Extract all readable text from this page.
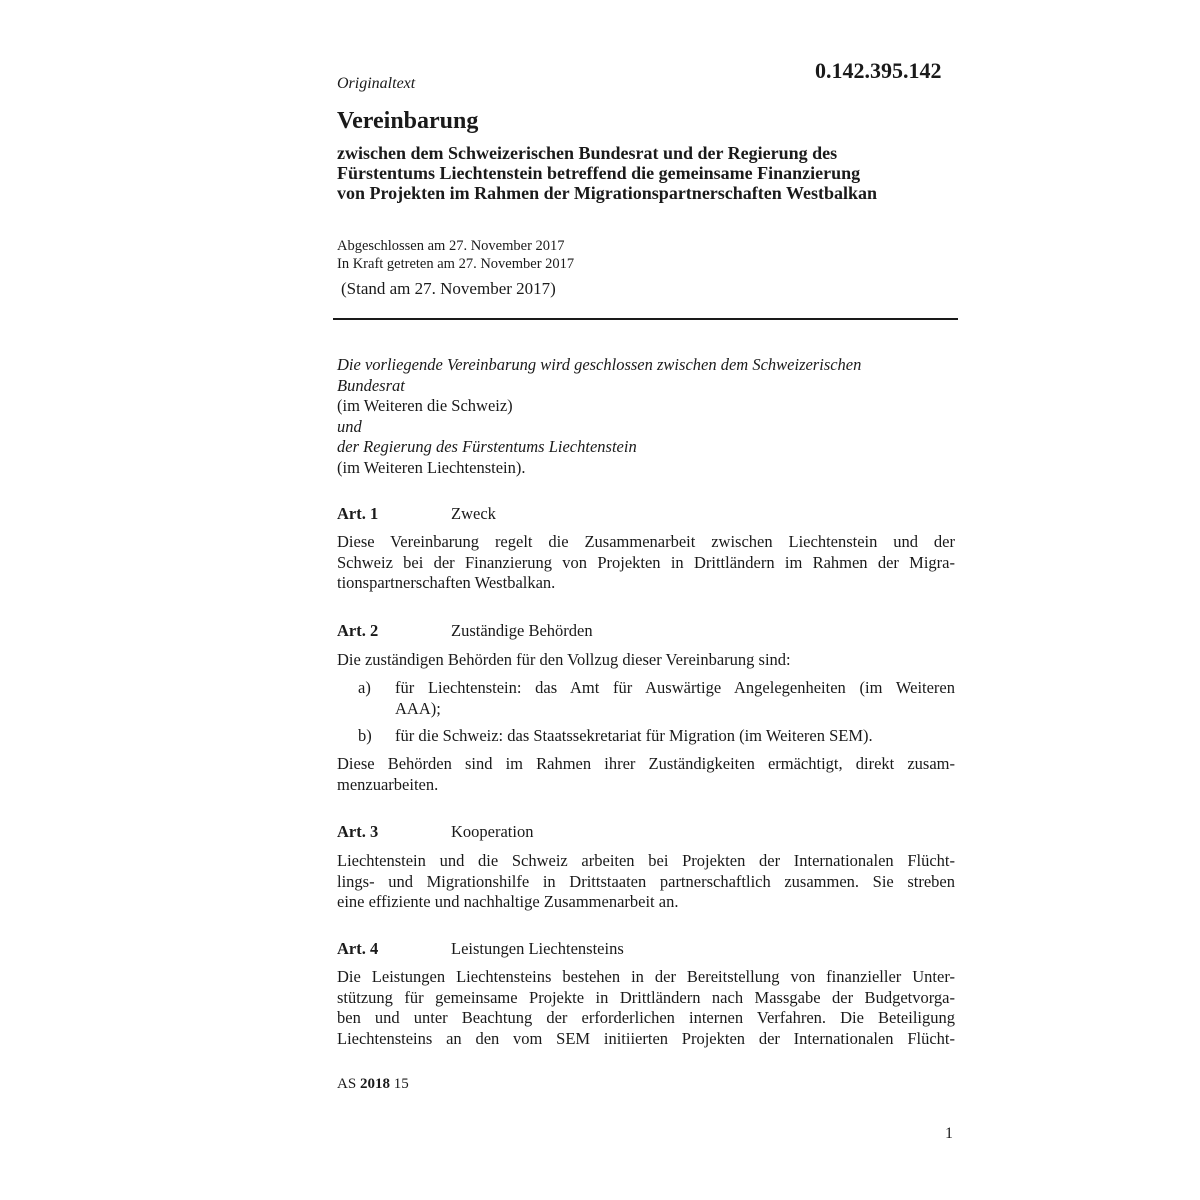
Originaltext
0.142.395.142
Vereinbarung
zwischen dem Schweizerischen Bundesrat und der Regierung des
Fürstentums Liechtenstein betreffend die gemeinsame Finanzierung
von Projekten im Rahmen der Migrationspartnerschaften Westbalkan
Abgeschlossen am 27. November 2017
In Kraft getreten am 27. November 2017
(Stand am 27. November 2017)
Die vorliegende Vereinbarung wird geschlossen zwischen dem Schweizerischen
Bundesrat
(im Weiteren die Schweiz)
und
der Regierung des Fürstentums Liechtenstein
(im Weiteren Liechtenstein).
Art. 1	Zweck
Diese Vereinbarung regelt die Zusammenarbeit zwischen Liechtenstein und der
Schweiz bei der Finanzierung von Projekten in Drittländern im Rahmen der Migra-
tionspartnerschaften Westbalkan.
Art. 2	Zuständige Behörden
Die zuständigen Behörden für den Vollzug dieser Vereinbarung sind:
a) für Liechtenstein: das Amt für Auswärtige Angelegenheiten (im Weiteren
AAA);
b) für die Schweiz: das Staatssekretariat für Migration (im Weiteren SEM).
Diese Behörden sind im Rahmen ihrer Zuständigkeiten ermächtigt, direkt zusam-
menzuarbeiten.
Art. 3	Kooperation
Liechtenstein und die Schweiz arbeiten bei Projekten der Internationalen Flücht-
lings- und Migrationshilfe in Drittstaaten partnerschaftlich zusammen. Sie streben
eine effiziente und nachhaltige Zusammenarbeit an.
Art. 4	Leistungen Liechtensteins
Die Leistungen Liechtensteins bestehen in der Bereitstellung von finanzieller Unter-
stützung für gemeinsame Projekte in Drittländern nach Massgabe der Budgetvorga-
ben und unter Beachtung der erforderlichen internen Verfahren. Die Beteiligung
Liechtensteins an den vom SEM initiierten Projekten der Internationalen Flücht-
AS 2018 15
1
